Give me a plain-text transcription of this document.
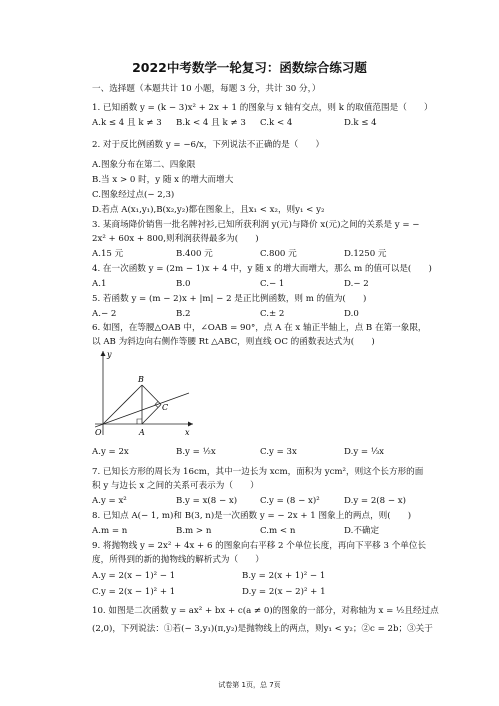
2022中考数学一轮复习：函数综合练习题
一、选择题（本题共计 10 小题，每题 3 分，共计 30 分，）
1. 已知函数 y = (k − 3)x² + 2x + 1 的图象与 x 轴有交点，则 k 的取值范围是（　　）
A.k ≤ 4 且 k ≠ 3 B.k < 4 且 k ≠ 3 C.k < 4	D.k ≤ 4
2. 对于反比例函数 y = −6/x，下列说法不正确的是（　　）
A.图象分布在第二、四象限
B.当 x > 0 时，y 随 x 的增大而增大
C.图象经过点(− 2,3)
D.若点 A(x₁,y₁),B(x₂,y₂)都在图象上，且x₁ < x₂，则y₁ < y₂
3. 某商场降价销售一批名牌衬衫,已知所获利润 y(元)与降价 x(元)之间的关系是 y = −
2x² + 60x + 800,则利润获得最多为(　　)
A.15 元	B.400 元	C.800 元	D.1250 元
4. 在一次函数 y = (2m − 1)x + 4 中，y 随 x 的增大而增大，那么 m 的值可以是(　　)
A.1	B.0	C.− 1	D.− 2
5. 若函数 y = (m − 2)x + |m| − 2 是正比例函数，则 m 的值为(　　)
A.− 2	B.2	C.± 2	D.0
6. 如图，在等腰△OAB 中，∠OAB = 90°，点 A 在 x 轴正半轴上，点 B 在第一象限，
以 AB 为斜边向右侧作等腰 Rt △ABC，则直线 OC 的函数表达式为(　　)
y
B
C
O	A	x
A.y = 2x	B.y = ½x	C.y = 3x	D.y = ⅓x
7. 已知长方形的周长为 16cm，其中一边长为 xcm，面积为 ycm²，则这个长方形的面
积 y 与边长 x 之间的关系可表示为（　　）
A.y = x²	B.y = x(8 − x)	C.y = (8 − x)²	D.y = 2(8 − x)
8. 已知点 A(− 1, m)和 B(3, n)是一次函数 y = − 2x + 1 图象上的两点，则(　　)
A.m = n	B.m > n	C.m < n	D.不确定
9. 将抛物线 y = 2x² + 4x + 6 的图象向右平移 2 个单位长度，再向下平移 3 个单位长
度，所得到的新的抛物线的解析式为（　　）
A.y = 2(x − 1)² − 1	B.y = 2(x + 1)² − 1
C.y = 2(x − 1)² + 1	D.y = 2(x − 2)² + 1
10. 如图是二次函数 y = ax² + bx + c(a ≠ 0)的图象的一部分，对称轴为 x = ½且经过点
(2,0)，下列说法：①若(− 3,y₁)(π,y₂)是抛物线上的两点，则y₁ < y₂；②c = 2b；③关于
试卷第 1页，总 7页
